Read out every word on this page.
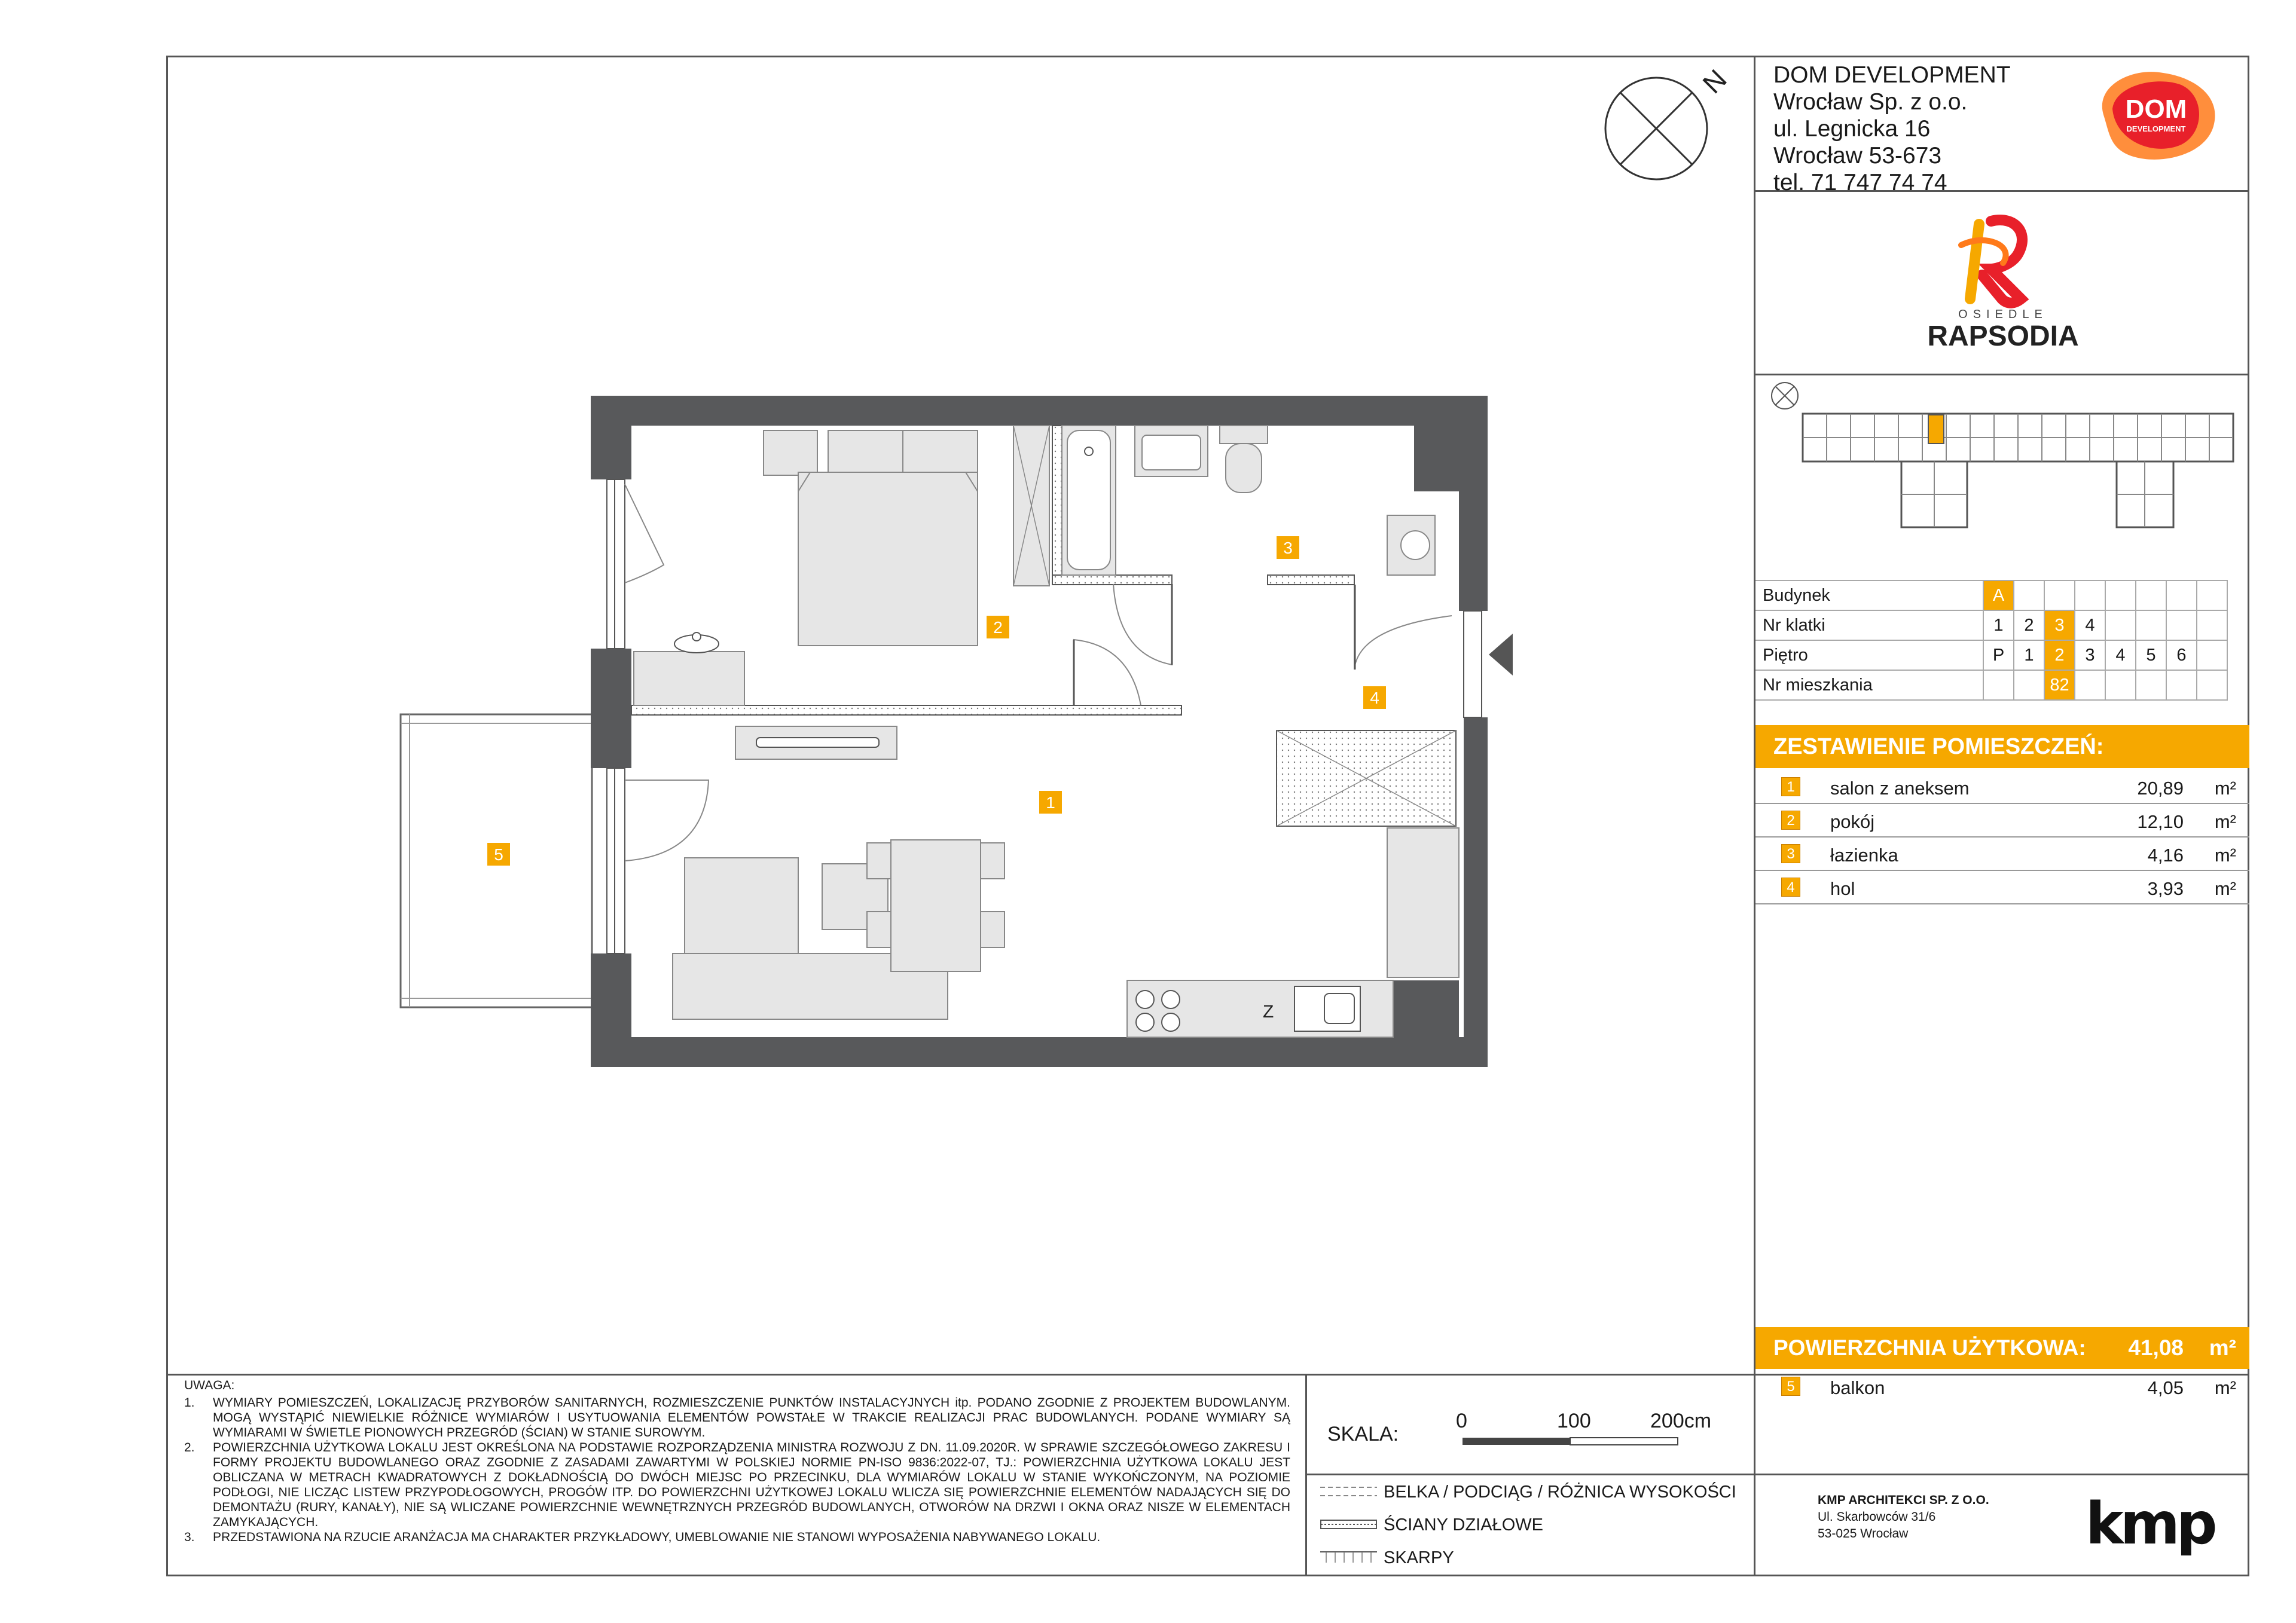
N DOM DEVELOPMENT
Wrocław Sp. z o.o.
ul. Legnicka 16
Wrocław 53-673
tel. 71 747 74 74
DOM
DEVELOPMENT
OSIEDLE
RAPSODIA
Budynek	A							
Nr klatki	1	2	3	4				
Piętro	P	1	2	3	4	5	6	
Nr mieszkania			82					
ZESTAWIENIE POMIESZCZEŃ:
1	salon z aneksem	20,89 m²
2	pokój	12,10 m²
3	łazienka	4,16 m²
4	hol	3,93 m²
POWIERZCHNIA UŻYTKOWA: 41,08 m²
5	balkon	4,05 m²
UWAGA:
1. WYMIARY POMIESZCZEŃ, LOKALIZACJĘ PRZYBORÓW SANITARNYCH, ROZMIESZCZENIE PUNKTÓW INSTALACYJNYCH itp. PODANO ZGODNIE Z PROJEKTEM BUDOWLANYM. MOGĄ WYSTĄPIĆ NIEWIELKIE RÓŻNICE WYMIARÓW I USYTUOWANIA ELEMENTÓW POWSTAŁE W TRAKCIE REALIZACJI PRAC BUDOWLANYCH. PODANE WYMIARY SĄ WYMIARAMI W ŚWIETLE PIONOWYCH PRZEGRÓD (ŚCIAN) W STANIE SUROWYM.
2. POWIERZCHNIA UŻYTKOWA LOKALU JEST OKREŚLONA NA PODSTAWIE ROZPORZĄDZENIA MINISTRA ROZWOJU Z DN. 11.09.2020R. W SPRAWIE SZCZEGÓŁOWEGO ZAKRESU I FORMY PROJEKTU BUDOWLANEGO ORAZ ZGODNIE Z ZASADAMI ZAWARTYMI W POLSKIEJ NORMIE PN-ISO 9836:2022-07, TJ.: POWIERZCHNIA UŻYTKOWA LOKALU JEST OBLICZANA W METRACH KWADRATOWYCH Z DOKŁADNOŚCIĄ DO DWÓCH MIEJSC PO PRZECINKU, DLA WYMIARÓW LOKALU W STANIE WYKOŃCZONYM, NA POZIOMIE PODŁOGI, NIE LICZĄC LISTEW PRZYPODŁOGOWYCH, PROGÓW ITP. DO POWIERZCHNI UŻYTKOWEJ LOKALU WLICZA SIĘ POWIERZCHNIE ELEMENTÓW NADAJĄCYCH SIĘ DO DEMONTAŻU (RURY, KANAŁY), NIE SĄ WLICZANE POWIERZCHNIE WEWNĘTRZNYCH PRZEGRÓD BUDOWLANYCH, OTWORÓW NA DRZWI I OKNA ORAZ NISZE W ELEMENTACH ZAMYKAJĄCYCH.
3. PRZEDSTAWIONA NA RZUCIE ARANŻACJA MA CHARAKTER PRZYKŁADOWY, UMEBLOWANIE NIE STANOWI WYPOSAŻENIA NABYWANEGO LOKALU.
SKALA:
0	100	200cm
BELKA / PODCIĄG / RÓŻNICA WYSOKOŚCI
ŚCIANY DZIAŁOWE
SKARPY
KMP ARCHITEKCI SP. Z O.O.
Ul. Skarbowców 31/6
53-025 Wrocław	kmp
Z
1
2
3
4
5
